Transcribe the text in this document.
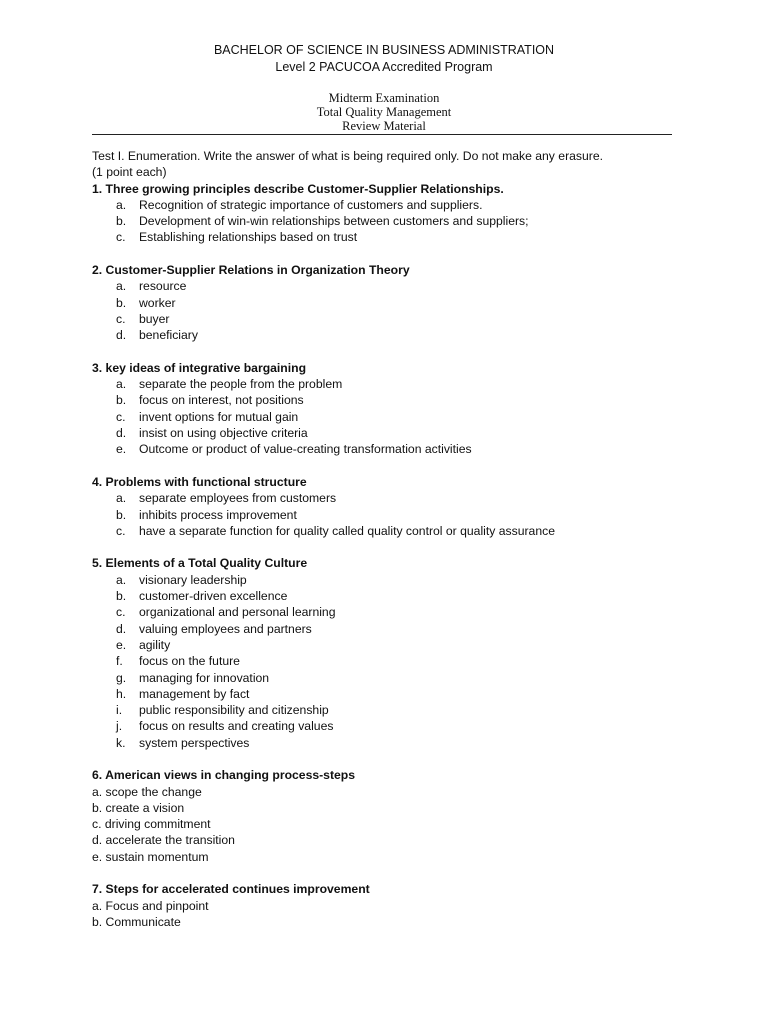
BACHELOR OF SCIENCE IN BUSINESS ADMINISTRATION
Level 2 PACUCOA Accredited Program
Midterm Examination
Total Quality Management
Review Material
Test I. Enumeration. Write the answer of what is being required only. Do not make any erasure.
(1 point each)
1. Three growing principles describe Customer-Supplier Relationships.
a.	Recognition of strategic importance of customers and suppliers.
b.	Development of win-win relationships between customers and suppliers;
c.	Establishing relationships based on trust
2. Customer-Supplier Relations in Organization Theory
a.	resource
b.	worker
c.	buyer
d.	beneficiary
3. key ideas of integrative bargaining
a.	separate the people from the problem
b.	focus on interest, not positions
c.	invent options for mutual gain
d.	insist on using objective criteria
e.	Outcome or product of value-creating transformation activities
4. Problems with functional structure
a.	separate employees from customers
b.	inhibits process improvement
c.	have a separate function for quality called quality control or quality assurance
5. Elements of a Total Quality Culture
a.	visionary leadership
b.	customer-driven excellence
c.	organizational and personal learning
d.	valuing employees and partners
e.	agility
f.	focus on the future
g.	managing for innovation
h.	management by fact
i.	public responsibility and citizenship
j.	focus on results and creating values
k.	system perspectives
6. American views in changing process-steps
a. scope the change
b. create a vision
c. driving commitment
d. accelerate the transition
e. sustain momentum
7. Steps for accelerated continues improvement
a. Focus and pinpoint
b. Communicate
